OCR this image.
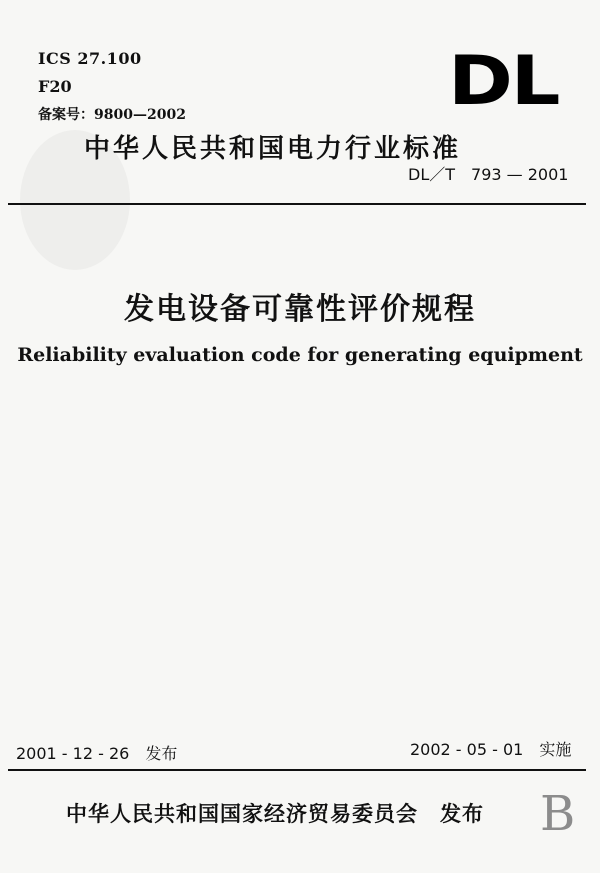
ICS 27.100
F20
备案号：9800—2002	DL
中华人民共和国电力行业标准
DL／T　793 — 2001
发电设备可靠性评价规程
Reliability evaluation code for generating equipment
2001 - 12 - 26　发布	2002 - 05 - 01　实施
中华人民共和国国家经济贸易委员会　发布 B
